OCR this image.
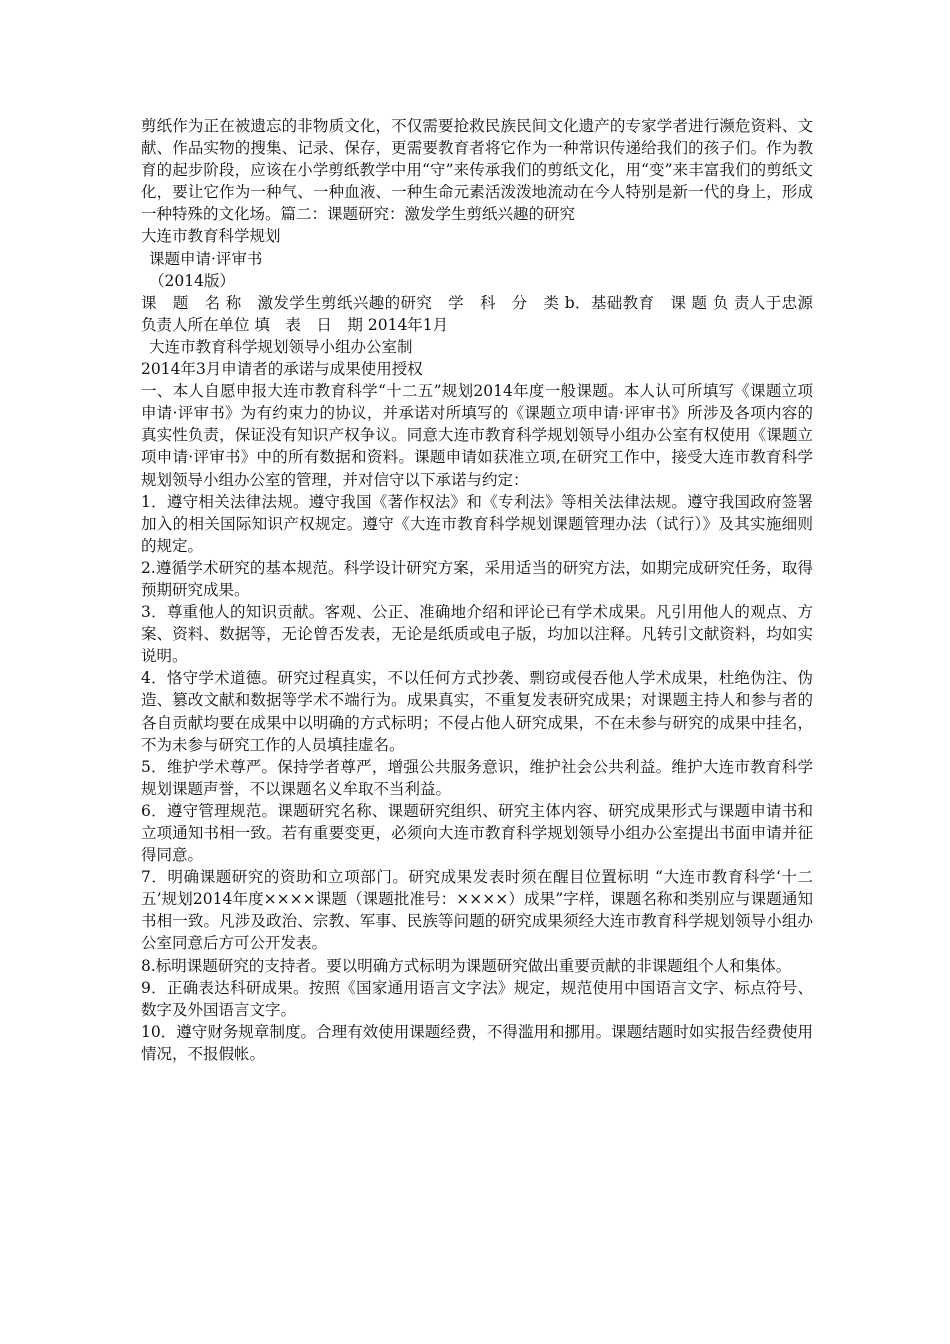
剪纸作为正在被遗忘的非物质文化，不仅需要抢救民族民间文化遗产的专家学者进行濒危资料、文献、作品实物的搜集、记录、保存，更需要教育者将它作为一种常识传递给我们的孩子们。作为教育的起步阶段，应该在小学剪纸教学中用“守”来传承我们的剪纸文化，用“变”来丰富我们的剪纸文化，要让它作为一种气、一种血液、一种生命元素活泼泼地流动在今人特别是新一代的身上，形成一种特殊的文化场。篇二：课题研究：激发学生剪纸兴趣的研究

大连市教育科学规划

课题申请·评审书

（2014版）

课　题　名 称　激发学生剪纸兴趣的研究　学　科　分　类 b．基础教育　课 题 负 责人于忠源　负责人所在单位 填　表　日　期 2014年1月

大连市教育科学规划领导小组办公室制

2014年3月申请者的承诺与成果使用授权

一、本人自愿申报大连市教育科学“十二五”规划2014年度一般课题。本人认可所填写《课题立项申请·评审书》为有约束力的协议，并承诺对所填写的《课题立项申请·评审书》所涉及各项内容的真实性负责，保证没有知识产权争议。同意大连市教育科学规划领导小组办公室有权使用《课题立项申请·评审书》中的所有数据和资料。课题申请如获准立项,在研究工作中，接受大连市教育科学规划领导小组办公室的管理，并对信守以下承诺与约定：

1．遵守相关法律法规。遵守我国《著作权法》和《专利法》等相关法律法规。遵守我国政府签署加入的相关国际知识产权规定。遵守《大连市教育科学规划课题管理办法（试行）》及其实施细则的规定。

2.遵循学术研究的基本规范。科学设计研究方案，采用适当的研究方法，如期完成研究任务，取得预期研究成果。

3．尊重他人的知识贡献。客观、公正、准确地介绍和评论已有学术成果。凡引用他人的观点、方案、资料、数据等，无论曾否发表，无论是纸质或电子版，均加以注释。凡转引文献资料，均如实说明。

4．恪守学术道德。研究过程真实，不以任何方式抄袭、剽窃或侵吞他人学术成果，杜绝伪注、伪造、篡改文献和数据等学术不端行为。成果真实，不重复发表研究成果；对课题主持人和参与者的各自贡献均要在成果中以明确的方式标明；不侵占他人研究成果，不在未参与研究的成果中挂名，不为未参与研究工作的人员填挂虚名。

5．维护学术尊严。保持学者尊严，增强公共服务意识，维护社会公共利益。维护大连市教育科学规划课题声誉，不以课题名义牟取不当利益。

6．遵守管理规范。课题研究名称、课题研究组织、研究主体内容、研究成果形式与课题申请书和立项通知书相一致。若有重要变更，必须向大连市教育科学规划领导小组办公室提出书面申请并征得同意。

7．明确课题研究的资助和立项部门。研究成果发表时须在醒目位置标明 “大连市教育科学‘十二五’规划2014年度××××课题（课题批准号：××××）成果”字样，课题名称和类别应与课题通知书相一致。凡涉及政治、宗教、军事、民族等问题的研究成果须经大连市教育科学规划领导小组办公室同意后方可公开发表。

8.标明课题研究的支持者。要以明确方式标明为课题研究做出重要贡献的非课题组个人和集体。

9．正确表达科研成果。按照《国家通用语言文字法》规定，规范使用中国语言文字、标点符号、数字及外国语言文字。

10．遵守财务规章制度。合理有效使用课题经费，不得滥用和挪用。课题结题时如实报告经费使用情况，不报假帐。
